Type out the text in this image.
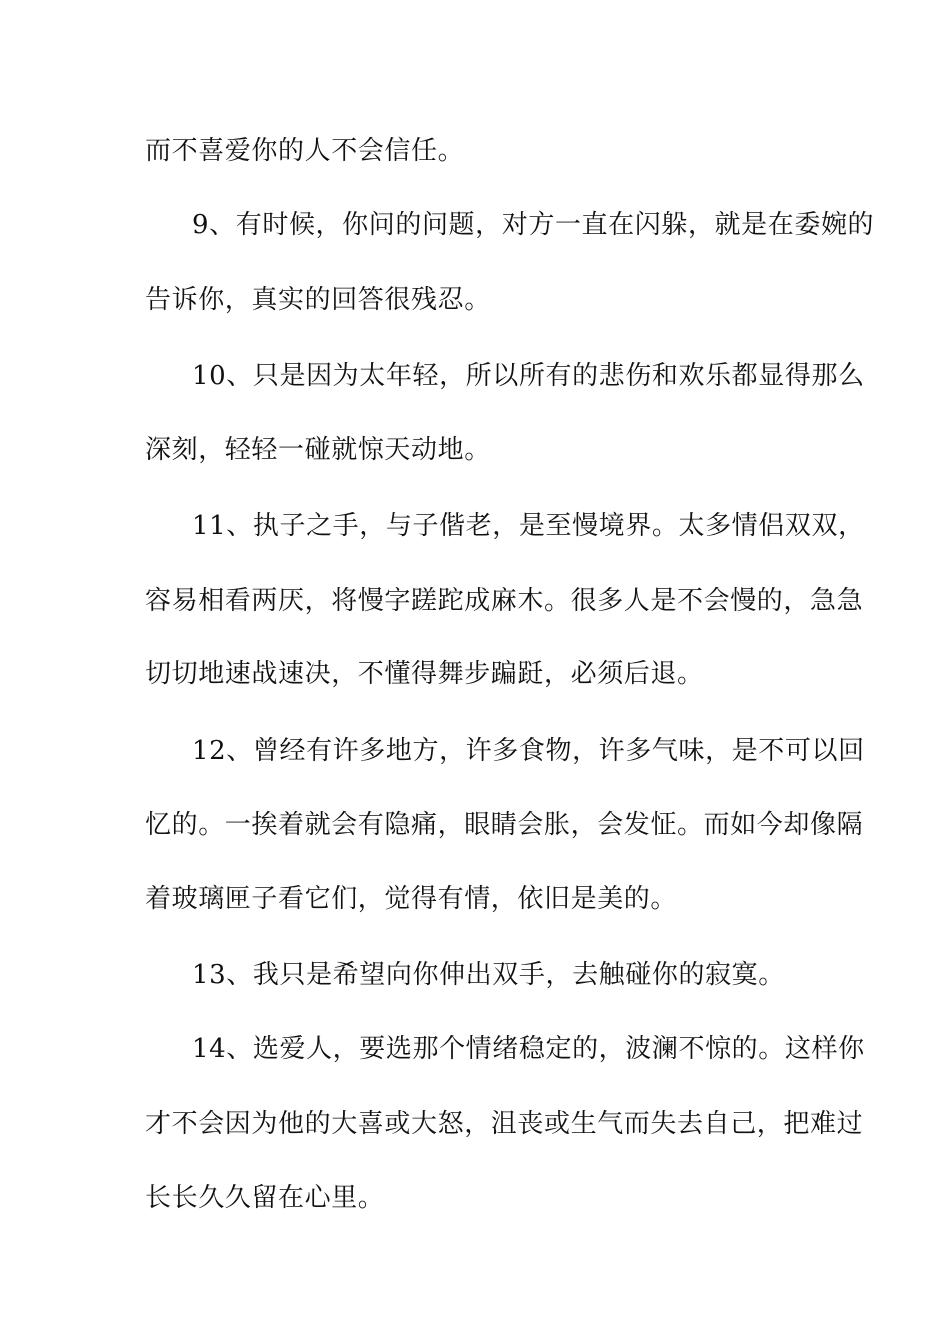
而不喜爱你的人不会信任。
9、有时候，你问的问题，对方一直在闪躲，就是在委婉的
告诉你，真实的回答很残忍。
10、只是因为太年轻，所以所有的悲伤和欢乐都显得那么
深刻，轻轻一碰就惊天动地。
11、执子之手，与子偕老，是至慢境界。太多情侣双双，
容易相看两厌，将慢字蹉跎成麻木。很多人是不会慢的，急急
切切地速战速决，不懂得舞步蹁跹，必须后退。
12、曾经有许多地方，许多食物，许多气味，是不可以回
忆的。一挨着就会有隐痛，眼睛会胀，会发怔。而如今却像隔
着玻璃匣子看它们，觉得有情，依旧是美的。
13、我只是希望向你伸出双手，去触碰你的寂寞。
14、选爱人，要选那个情绪稳定的，波澜不惊的。这样你
才不会因为他的大喜或大怒，沮丧或生气而失去自己，把难过
长长久久留在心里。
